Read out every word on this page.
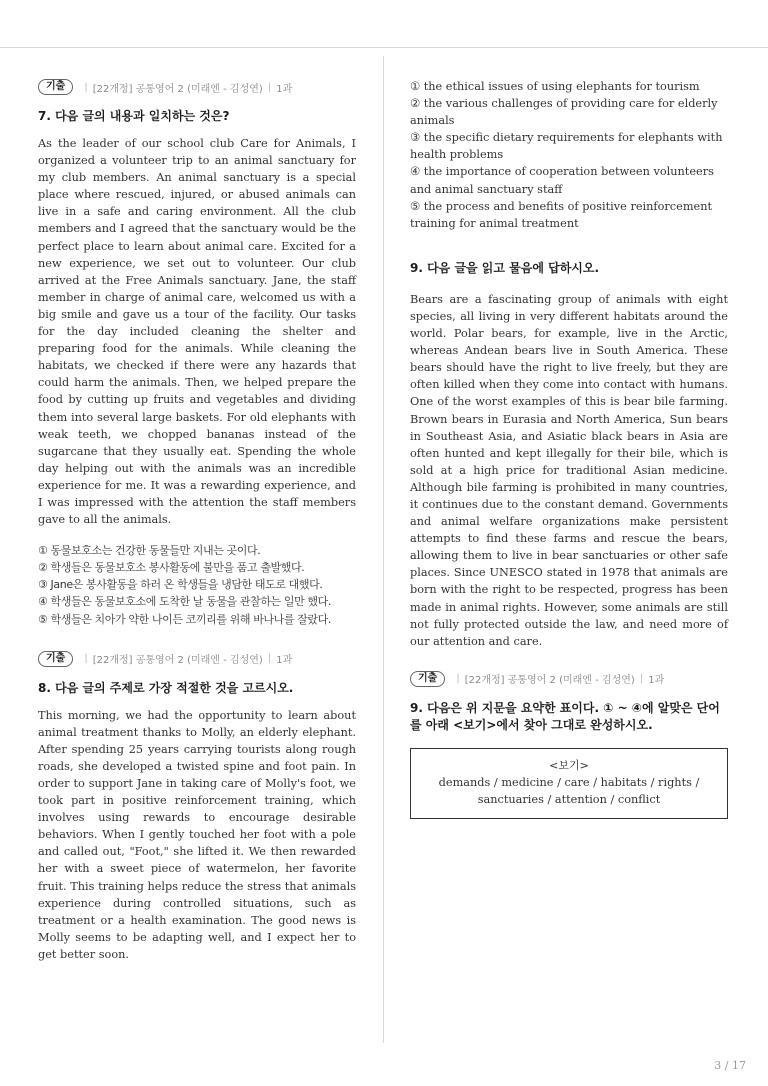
기출	| [22개정] 공통영어 2 (미래엔 - 김성연) | 1과
7. 다음 글의 내용과 일치하는 것은?

As the leader of our school club Care for Animals, I organized a volunteer trip to an animal sanctuary for my club members. An animal sanctuary is a special place where rescued, injured, or abused animals can live in a safe and caring environment. All the club members and I agreed that the sanctuary would be the perfect place to learn about animal care. Excited for a new experience, we set out to volunteer. Our club arrived at the Free Animals sanctuary. Jane, the staff member in charge of animal care, welcomed us with a big smile and gave us a tour of the facility. Our tasks for the day included cleaning the shelter and preparing food for the animals. While cleaning the habitats, we checked if there were any hazards that could harm the animals. Then, we helped prepare the food by cutting up fruits and vegetables and dividing them into several large baskets. For old elephants with weak teeth, we chopped bananas instead of the sugarcane that they usually eat. Spending the whole day helping out with the animals was an incredible experience for me. It was a rewarding experience, and I was impressed with the attention the staff members gave to all the animals.

① 동물보호소는 건강한 동물들만 지내는 곳이다.
② 학생들은 동물보호소 봉사활동에 불만을 품고 출발했다.
③ Jane은 봉사활동을 하러 온 학생들을 냉담한 태도로 대했다.
④ 학생들은 동물보호소에 도착한 날 동물을 관찰하는 일만 했다.
⑤ 학생들은 치아가 약한 나이든 코끼리를 위해 바나나를 잘랐다.
기출	| [22개정] 공통영어 2 (미래엔 - 김성연) | 1과
8. 다음 글의 주제로 가장 적절한 것을 고르시오.

This morning, we had the opportunity to learn about animal treatment thanks to Molly, an elderly elephant. After spending 25 years carrying tourists along rough roads, she developed a twisted spine and foot pain. In order to support Jane in taking care of Molly's foot, we took part in positive reinforcement training, which involves using rewards to encourage desirable behaviors. When I gently touched her foot with a pole and called out, "Foot," she lifted it. We then rewarded her with a sweet piece of watermelon, her favorite fruit. This training helps reduce the stress that animals experience during controlled situations, such as treatment or a health examination. The good news is Molly seems to be adapting well, and I expect her to get better soon.

① the ethical issues of using elephants for tourism
② the various challenges of providing care for elderly animals
③ the specific dietary requirements for elephants with health problems
④ the importance of cooperation between volunteers and animal sanctuary staff
⑤ the process and benefits of positive reinforcement training for animal treatment
9. 다음 글을 읽고 물음에 답하시오.

Bears are a fascinating group of animals with eight species, all living in very different habitats around the world. Polar bears, for example, live in the Arctic, whereas Andean bears live in South America. These bears should have the right to live freely, but they are often killed when they come into contact with humans. One of the worst examples of this is bear bile farming. Brown bears in Eurasia and North America, Sun bears in Southeast Asia, and Asiatic black bears in Asia are often hunted and kept illegally for their bile, which is sold at a high price for traditional Asian medicine. Although bile farming is prohibited in many countries, it continues due to the constant demand. Governments and animal welfare organizations make persistent attempts to find these farms and rescue the bears, allowing them to live in bear sanctuaries or other safe places. Since UNESCO stated in 1978 that animals are born with the right to be respected, progress has been made in animal rights. However, some animals are still not fully protected outside the law, and need more of our attention and care.

기출	| [22개정] 공통영어 2 (미래엔 - 김성연) | 1과
9. 다음은 위 지문을 요약한 표이다. ① ~ ④에 알맞은 단어를 아래 <보기>에서 찾아 그대로 완성하시오.
<보기>
demands / medicine / care / habitats / rights / sanctuaries / attention / conflict
3 / 17
